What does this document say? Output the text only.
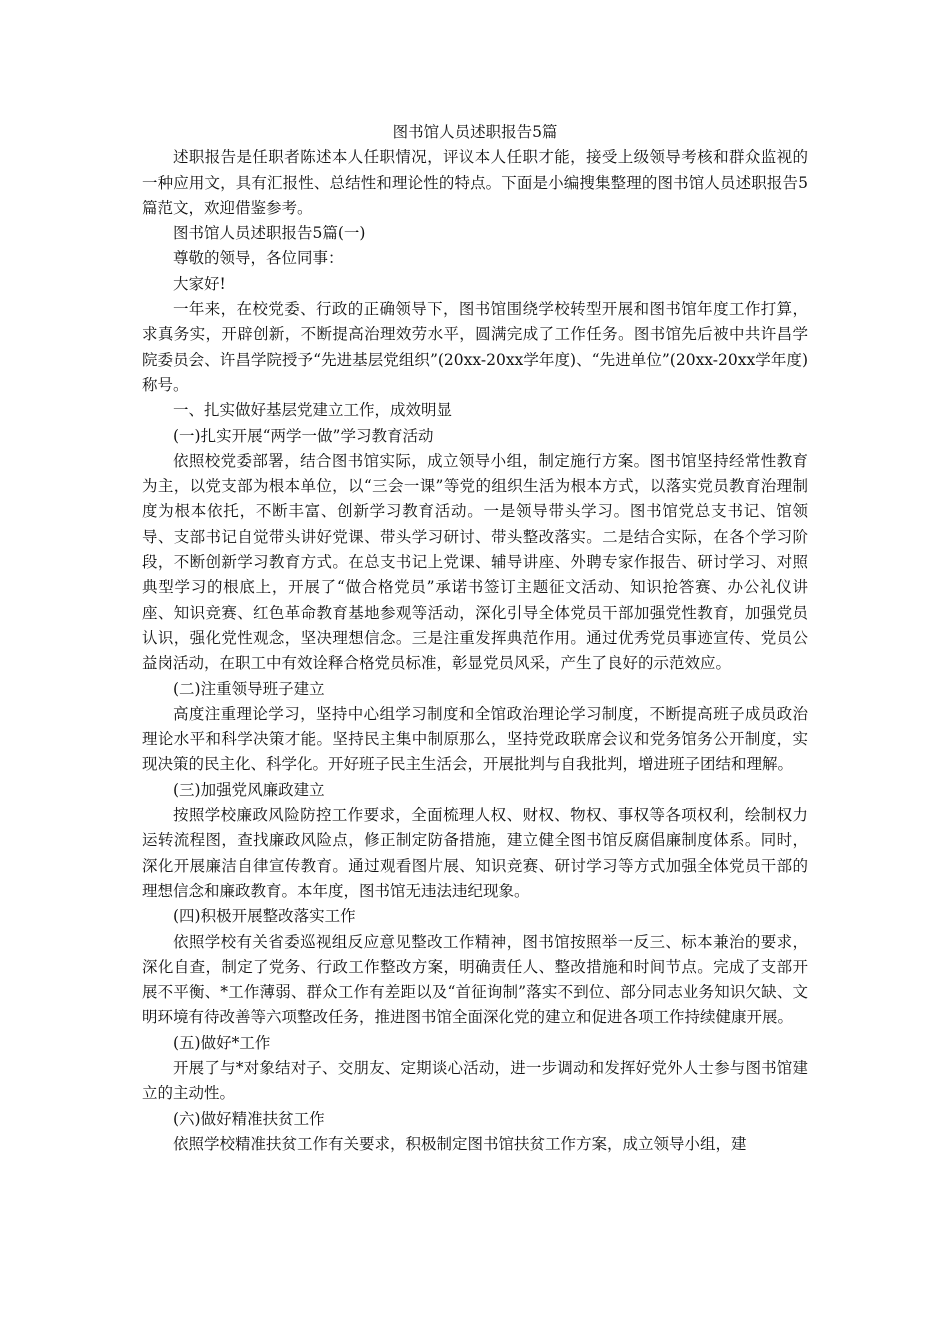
图书馆人员述职报告5篇

述职报告是任职者陈述本人任职情况，评议本人任职才能，接受上级领导考核和群众监视的一种应用文，具有汇报性、总结性和理论性的特点。下面是小编搜集整理的图书馆人员述职报告5篇范文，欢迎借鉴参考。

图书馆人员述职报告5篇(一)

尊敬的领导，各位同事：

大家好!

一年来，在校党委、行政的正确领导下，图书馆围绕学校转型开展和图书馆年度工作打算，求真务实，开辟创新，不断提高治理效劳水平，圆满完成了工作任务。图书馆先后被中共许昌学院委员会、许昌学院授予“先进基层党组织”(20xx-20xx学年度)、“先进单位”(20xx-20xx学年度)称号。

一、扎实做好基层党建立工作，成效明显

(一)扎实开展“两学一做”学习教育活动

依照校党委部署，结合图书馆实际，成立领导小组，制定施行方案。图书馆坚持经常性教育为主，以党支部为根本单位，以“三会一课”等党的组织生活为根本方式，以落实党员教育治理制度为根本依托，不断丰富、创新学习教育活动。一是领导带头学习。图书馆党总支书记、馆领导、支部书记自觉带头讲好党课、带头学习研讨、带头整改落实。二是结合实际，在各个学习阶段，不断创新学习教育方式。在总支书记上党课、辅导讲座、外聘专家作报告、研讨学习、对照典型学习的根底上，开展了“做合格党员”承诺书签订主题征文活动、知识抢答赛、办公礼仪讲座、知识竞赛、红色革命教育基地参观等活动，深化引导全体党员干部加强党性教育，加强党员认识，强化党性观念，坚决理想信念。三是注重发挥典范作用。通过优秀党员事迹宣传、党员公益岗活动，在职工中有效诠释合格党员标准，彰显党员风采，产生了良好的示范效应。

(二)注重领导班子建立

高度注重理论学习，坚持中心组学习制度和全馆政治理论学习制度，不断提高班子成员政治理论水平和科学决策才能。坚持民主集中制原那么，坚持党政联席会议和党务馆务公开制度，实现决策的民主化、科学化。开好班子民主生活会，开展批判与自我批判，增进班子团结和理解。

(三)加强党风廉政建立

按照学校廉政风险防控工作要求，全面梳理人权、财权、物权、事权等各项权利，绘制权力运转流程图，查找廉政风险点，修正制定防备措施，建立健全图书馆反腐倡廉制度体系。同时，深化开展廉洁自律宣传教育。通过观看图片展、知识竞赛、研讨学习等方式加强全体党员干部的理想信念和廉政教育。本年度，图书馆无违法违纪现象。

(四)积极开展整改落实工作

依照学校有关省委巡视组反应意见整改工作精神，图书馆按照举一反三、标本兼治的要求，深化自查，制定了党务、行政工作整改方案，明确责任人、整改措施和时间节点。完成了支部开展不平衡、*工作薄弱、群众工作有差距以及“首征询制”落实不到位、部分同志业务知识欠缺、文明环境有待改善等六项整改任务，推进图书馆全面深化党的建立和促进各项工作持续健康开展。

(五)做好*工作

开展了与*对象结对子、交朋友、定期谈心活动，进一步调动和发挥好党外人士参与图书馆建立的主动性。

(六)做好精准扶贫工作

依照学校精准扶贫工作有关要求，积极制定图书馆扶贫工作方案，成立领导小组，建
